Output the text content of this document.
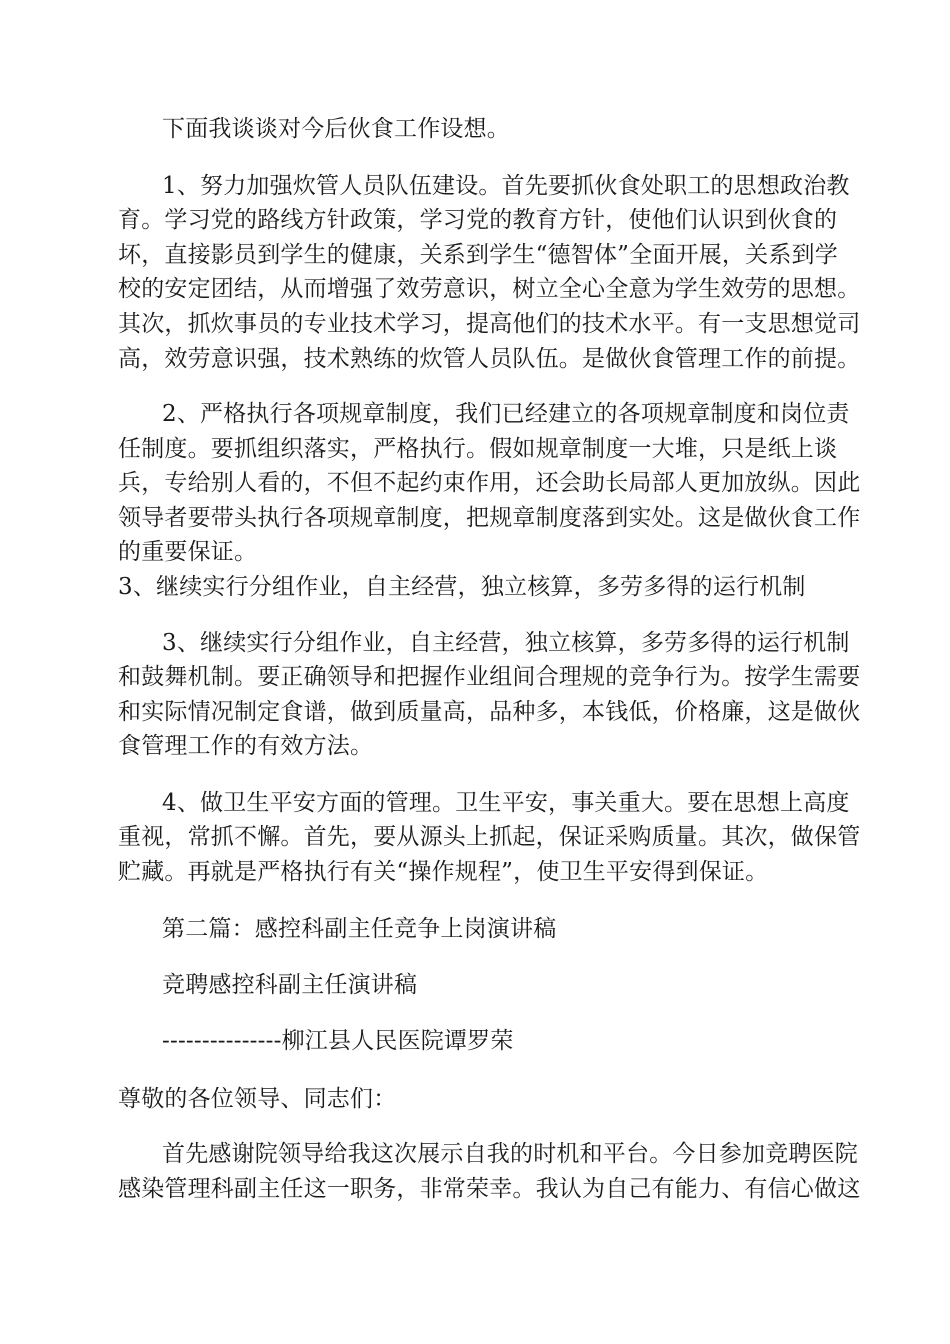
下面我谈谈对今后伙食工作设想。
1、努力加强炊管人员队伍建设。首先要抓伙食处职工的思想政治教
育。学习党的路线方针政策，学习党的教育方针，使他们认识到伙食的
坏，直接影员到学生的健康，关系到学生“德智体”全面开展，关系到学
校的安定团结，从而增强了效劳意识，树立全心全意为学生效劳的思想。
其次，抓炊事员的专业技术学习，提高他们的技术水平。有一支思想觉司
高，效劳意识强，技术熟练的炊管人员队伍。是做伙食管理工作的前提。
2、严格执行各项规章制度，我们已经建立的各项规章制度和岗位责
任制度。要抓组织落实，严格执行。假如规章制度一大堆，只是纸上谈
兵，专给别人看的，不但不起约束作用，还会助长局部人更加放纵。因此
领导者要带头执行各项规章制度，把规章制度落到实处。这是做伙食工作
的重要保证。
3、继续实行分组作业，自主经营，独立核算，多劳多得的运行机制
3、继续实行分组作业，自主经营，独立核算，多劳多得的运行机制
和鼓舞机制。要正确领导和把握作业组间合理规的竞争行为。按学生需要
和实际情况制定食谱，做到质量高，品种多，本钱低，价格廉，这是做伙
食管理工作的有效方法。
4、做卫生平安方面的管理。卫生平安，事关重大。要在思想上高度
重视，常抓不懈。首先，要从源头上抓起，保证采购质量。其次，做保管
贮藏。再就是严格执行有关“操作规程”，使卫生平安得到保证。
第二篇：感控科副主任竞争上岗演讲稿
竞聘感控科副主任演讲稿
---------------柳江县人民医院谭罗荣
尊敬的各位领导、同志们：
首先感谢院领导给我这次展示自我的时机和平台。今日参加竞聘医院
感染管理科副主任这一职务，非常荣幸。我认为自己有能力、有信心做这
